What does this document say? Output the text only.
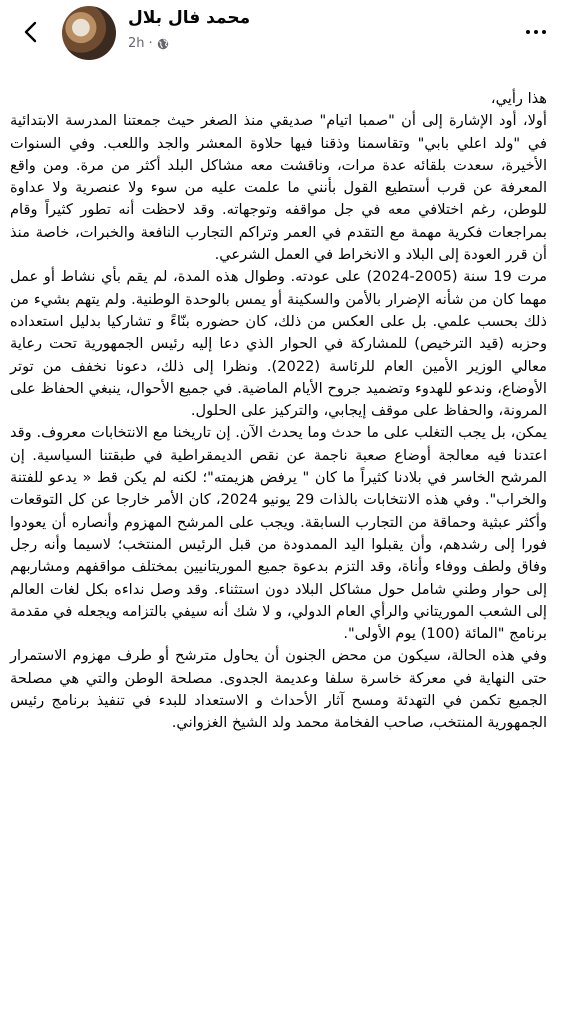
محمد فال بلال
2h ·

هذا رأيي،

أولا، أود الإشارة إلى أن "صمبا اتيام" صديقي منذ الصغر حيث جمعتنا المدرسة الابتدائية في "ولد اعلي بابي" وتقاسمنا وذقنا فيها حلاوة المعشر والجد واللعب. وفي السنوات الأخيرة، سعدت بلقائه عدة مرات، وناقشت معه مشاكل البلد أكثر من مرة. ومن واقع المعرفة عن قرب أستطيع القول بأنني ما علمت عليه من سوء ولا عنصرية ولا عداوة للوطن، رغم اختلافي معه في جل مواقفه وتوجهاته. وقد لاحظت أنه تطور كثيراً وقام بمراجعات فكرية مهمة مع التقدم في العمر وتراكم التجارب النافعة والخبرات، خاصة منذ أن قرر العودة إلى البلاد و الانخراط في العمل الشرعي.

مرت 19 سنة (2005-2024) على عودته. وطوال هذه المدة، لم يقم بأي نشاط أو عمل مهما كان من شأنه الإضرار بالأمن والسكينة أو يمس بالوحدة الوطنية. ولم يتهم بشيء من ذلك بحسب علمي. بل على العكس من ذلك، كان حضوره بنّاءً و تشاركيا بدليل استعداده وحزبه (قيد الترخيص) للمشاركة في الحوار الذي دعا إليه رئيس الجمهورية تحت رعاية معالي الوزير الأمين العام للرئاسة (2022). ونظرا إلى ذلك، دعونا نخفف من توتر الأوضاع، وندعو للهدوء وتضميد جروح الأيام الماضية. في جميع الأحوال، ينبغي الحفاظ على المرونة، والحفاظ على موقف إيجابي، والتركيز على الحلول.

يمكن، بل يجب التغلب على ما حدث وما يحدث الآن. إن تاريخنا مع الانتخابات معروف. وقد اعتدنا فيه معالجة أوضاع صعبة ناجمة عن نقص الديمقراطية في طبقتنا السياسية. إن المرشح الخاسر في بلادنا كثيراً ما كان " يرفض هزيمته"؛ لكنه لم يكن قط « يدعو للفتنة والخراب". وفي هذه الانتخابات بالذات 29 يونيو 2024، كان الأمر خارجا عن كل التوقعات وأكثر عبثية وحماقة من التجارب السابقة. ويجب على المرشح المهزوم وأنصاره أن يعودوا فورا إلى رشدهم، وأن يقبلوا اليد الممدودة من قبل الرئيس المنتخب؛ لاسيما وأنه رجل وفاق ولطف ووفاء وأناة، وقد التزم بدعوة جميع الموريتانيين بمختلف مواقفهم ومشاربهم إلى حوار وطني شامل حول مشاكل البلاد دون استثناء. وقد وصل نداءه بكل لغات العالم إلى الشعب الموريتاني والرأي العام الدولي، و لا شك أنه سيفي بالتزامه ويجعله في مقدمة برنامج "المائة (100) يوم الأولى".

وفي هذه الحالة، سيكون من محض الجنون أن يحاول مترشح أو طرف مهزوم الاستمرار حتى النهاية في معركة خاسرة سلفا وعديمة الجدوى. مصلحة الوطن والتي هي مصلحة الجميع تكمن في التهدئة ومسح آثار الأحداث و الاستعداد للبدء في تنفيذ برنامج رئيس الجمهورية المنتخب، صاحب الفخامة محمد ولد الشيخ الغزواني.
